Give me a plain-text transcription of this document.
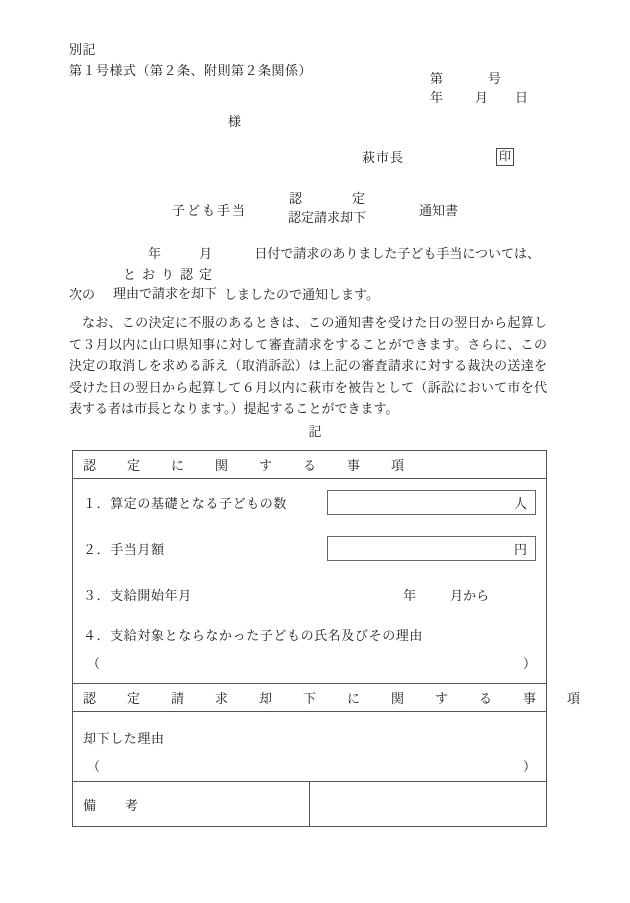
別記
第１号様式（第２条、附則第２条関係）
第	号
年	月	日
様
萩市長	印
子ども手当
認　　定
認定請求却下	通知書
年	月	日付で請求のありました子ども手当については、
次の
とおり認定
理由で請求を却下 しましたので通知します。
なお、この決定に不服のあるときは、この通知書を受けた日の翌日から起算して３月以内に山口県知事に対して審査請求をすることができます。さらに、この決定の取消しを求める訴え（取消訴訟）は上記の審査請求に対する裁決の送達を受けた日の翌日から起算して６月以内に萩市を被告として（訴訟において市を代表する者は市長となります。）提起することができます。
記
認　定　に　関　す　る　事　項

１．算定の基礎となる子どもの数	人
２．手当月額	円
３．支給開始年月	年	月から
４．支給対象とならなかった子どもの氏名及びその理由
（	）

認　定　請　求　却　下　に　関　す　る　事　項

却下した理由
（	）

備　考	
